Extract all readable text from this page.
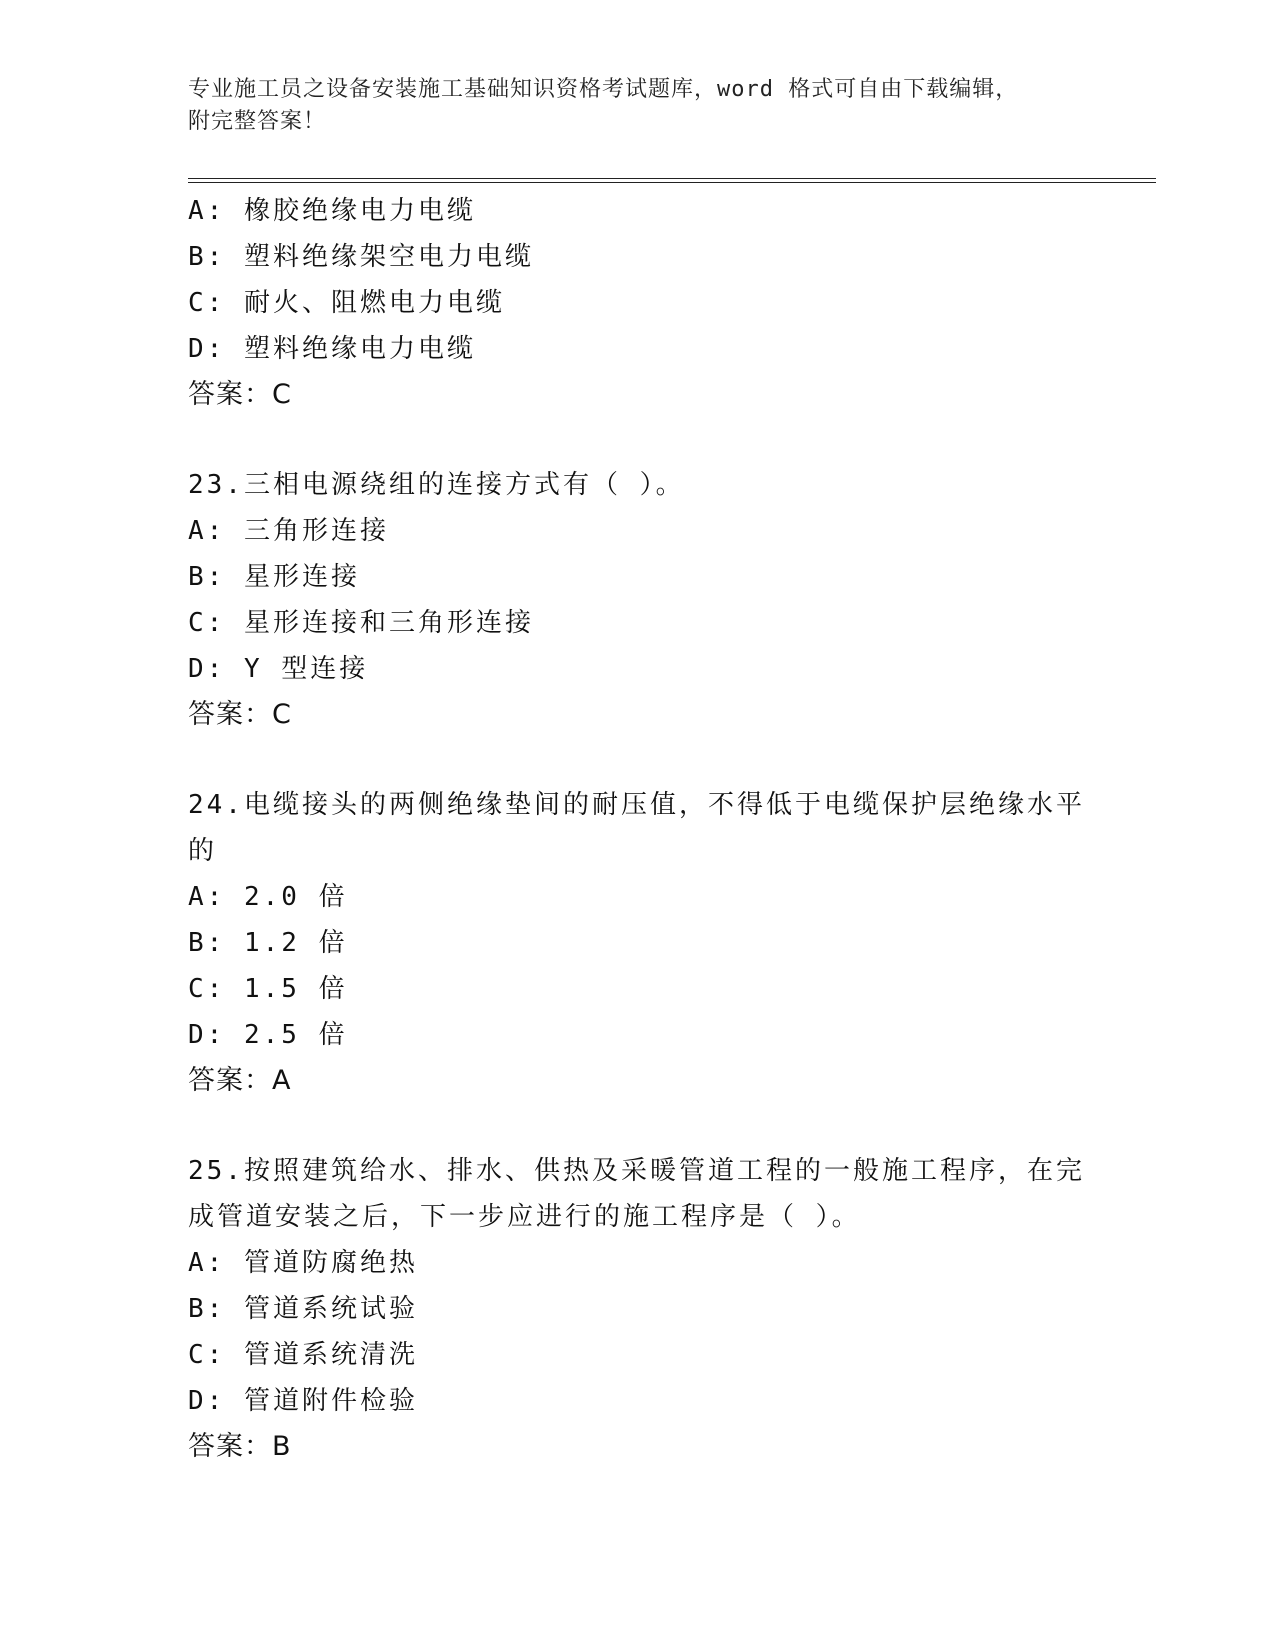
专业施工员之设备安装施工基础知识资格考试题库，word 格式可自由下载编辑，
附完整答案！
A: 橡胶绝缘电力电缆
B: 塑料绝缘架空电力电缆
C: 耐火、阻燃电力电缆
D: 塑料绝缘电力电缆
答案：C
23.三相电源绕组的连接方式有（ ）。
A: 三角形连接
B: 星形连接
C: 星形连接和三角形连接
D: Y 型连接
答案：C
24.电缆接头的两侧绝缘垫间的耐压值，不得低于电缆保护层绝缘水平
的
A: 2.0 倍
B: 1.2 倍
C: 1.5 倍
D: 2.5 倍
答案：A
25.按照建筑给水、排水、供热及采暖管道工程的一般施工程序，在完
成管道安装之后，下一步应进行的施工程序是（ ）。
A: 管道防腐绝热
B: 管道系统试验
C: 管道系统清洗
D: 管道附件检验
答案：B
